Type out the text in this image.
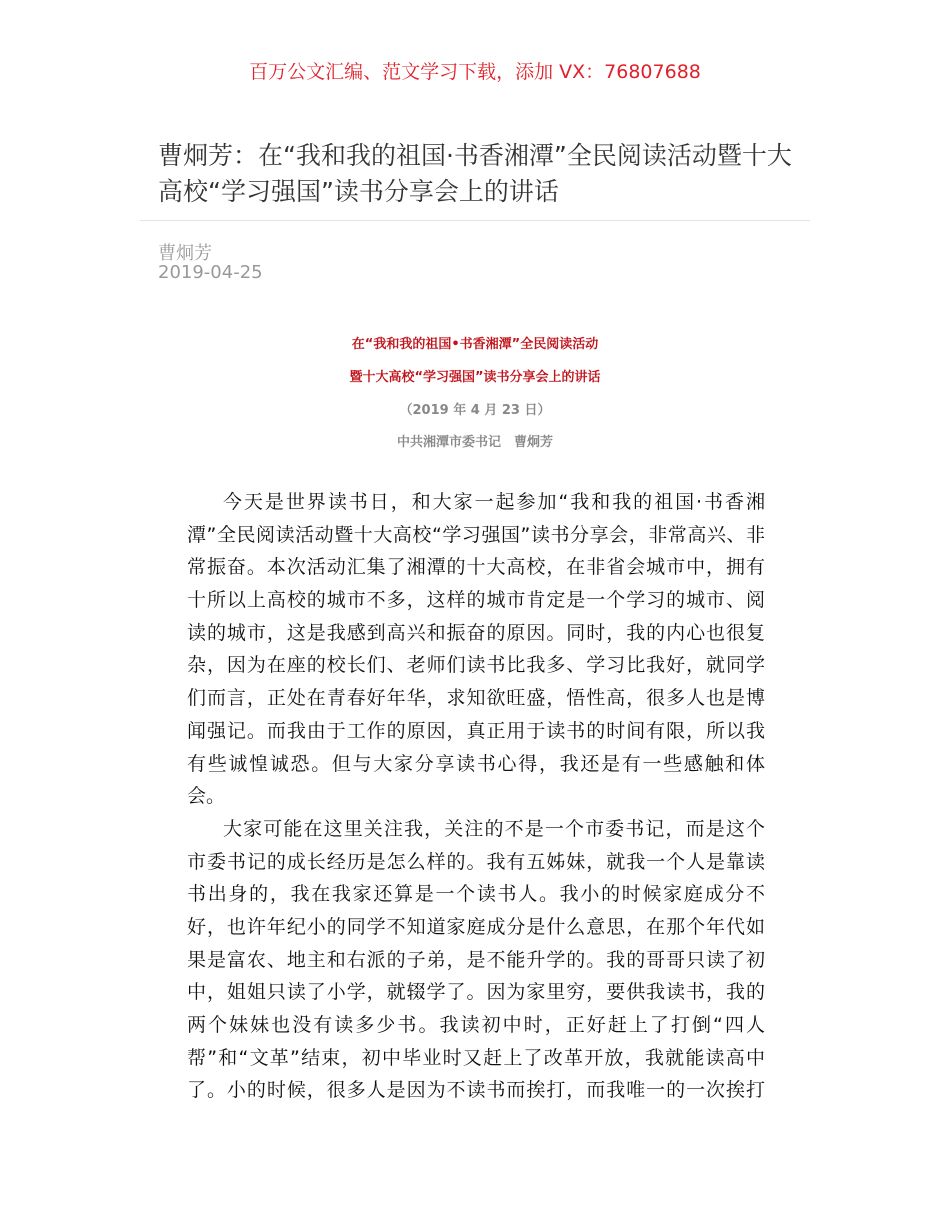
百万公文汇编、范文学习下载，添加 VX：76807688
曹炯芳：在“我和我的祖国·书香湘潭”全民阅读活动暨十大高校“学习强国”读书分享会上的讲话
曹炯芳
2019-04-25
在“我和我的祖国•书香湘潭”全民阅读活动
暨十大高校“学习强国”读书分享会上的讲话
（2019 年 4 月 23 日）
中共湘潭市委书记　曹炯芳
今天是世界读书日，和大家一起参加“我和我的祖国·书香湘
潭”全民阅读活动暨十大高校“学习强国”读书分享会，非常高兴、非
常振奋。本次活动汇集了湘潭的十大高校，在非省会城市中，拥有
十所以上高校的城市不多，这样的城市肯定是一个学习的城市、阅
读的城市，这是我感到高兴和振奋的原因。同时，我的内心也很复
杂，因为在座的校长们、老师们读书比我多、学习比我好，就同学
们而言，正处在青春好年华，求知欲旺盛，悟性高，很多人也是博
闻强记。而我由于工作的原因，真正用于读书的时间有限，所以我
有些诚惶诚恐。但与大家分享读书心得，我还是有一些感触和体
会。
大家可能在这里关注我，关注的不是一个市委书记，而是这个
市委书记的成长经历是怎么样的。我有五姊妹，就我一个人是靠读
书出身的，我在我家还算是一个读书人。我小的时候家庭成分不
好，也许年纪小的同学不知道家庭成分是什么意思，在那个年代如
果是富农、地主和右派的子弟，是不能升学的。我的哥哥只读了初
中，姐姐只读了小学，就辍学了。因为家里穷，要供我读书，我的
两个妹妹也没有读多少书。我读初中时，正好赶上了打倒“四人
帮”和“文革”结束，初中毕业时又赶上了改革开放，我就能读高中
了。小的时候，很多人是因为不读书而挨打，而我唯一的一次挨打
